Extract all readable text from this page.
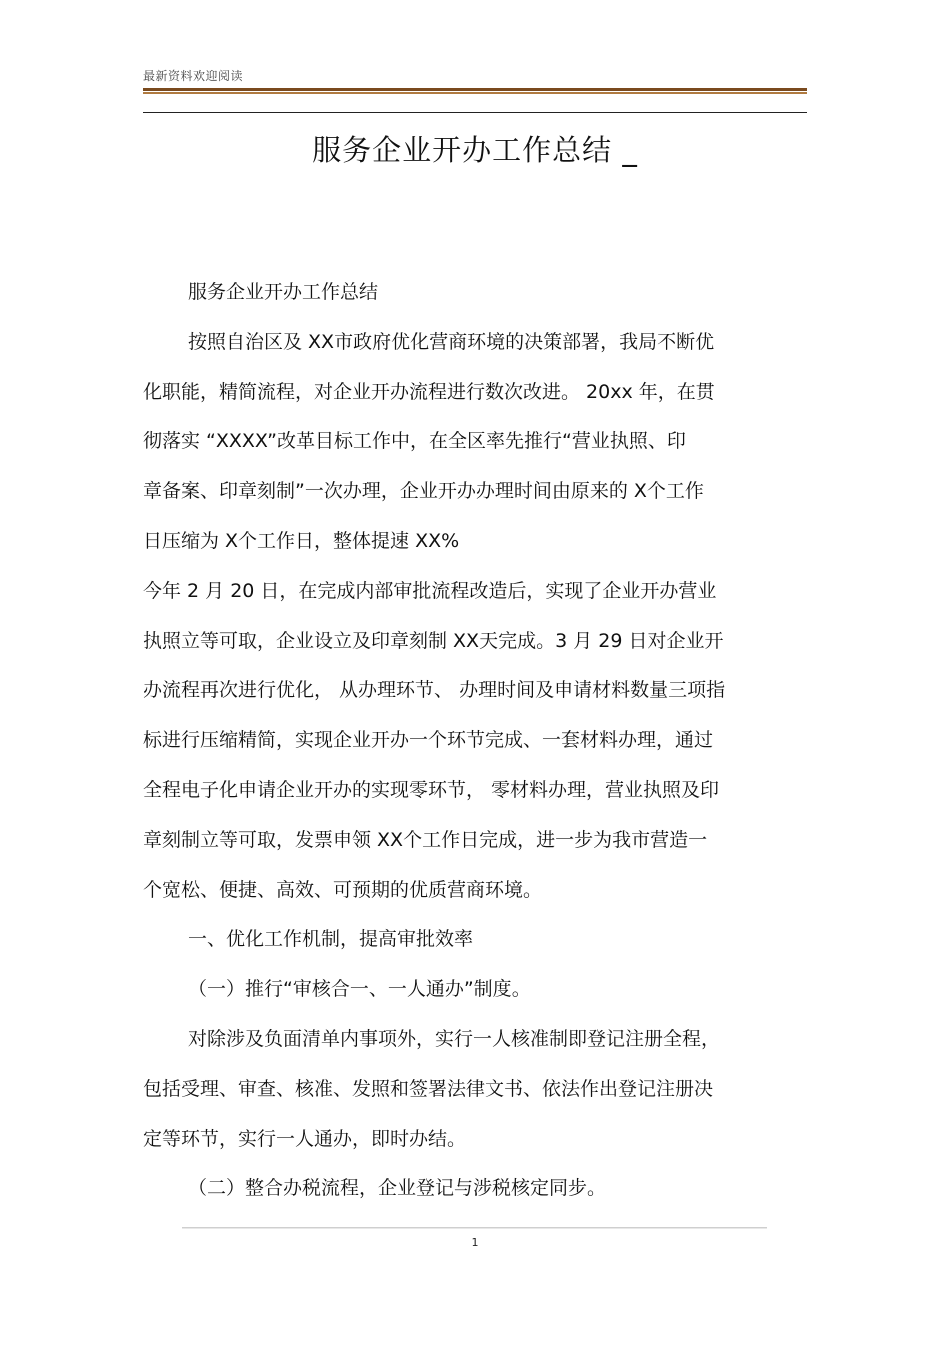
最新资料欢迎阅读
服务企业开办工作总结 _

服务企业开办工作总结

按照自治区及 XX市政府优化营商环境的决策部署，我局不断优

化职能，精简流程，对企业开办流程进行数次改进。 20xx 年，在贯

彻落实 “XXXX”改革目标工作中，在全区率先推行“营业执照、印

章备案、印章刻制”一次办理，企业开办办理时间由原来的 X个工作

日压缩为 X个工作日，整体提速 XX%

今年 2 月 20 日，在完成内部审批流程改造后，实现了企业开办营业

执照立等可取，企业设立及印章刻制 XX天完成。3 月 29 日对企业开

办流程再次进行优化， 从办理环节、 办理时间及申请材料数量三项指

标进行压缩精简，实现企业开办一个环节完成、一套材料办理，通过

全程电子化申请企业开办的实现零环节， 零材料办理，营业执照及印

章刻制立等可取，发票申领 XX个工作日完成，进一步为我市营造一

个宽松、便捷、高效、可预期的优质营商环境。

一、优化工作机制，提高审批效率

（一）推行“审核合一、一人通办”制度。

对除涉及负面清单内事项外，实行一人核准制即登记注册全程，

包括受理、审查、核准、发照和签署法律文书、依法作出登记注册决

定等环节，实行一人通办，即时办结。

（二）整合办税流程，企业登记与涉税核定同步。

1
